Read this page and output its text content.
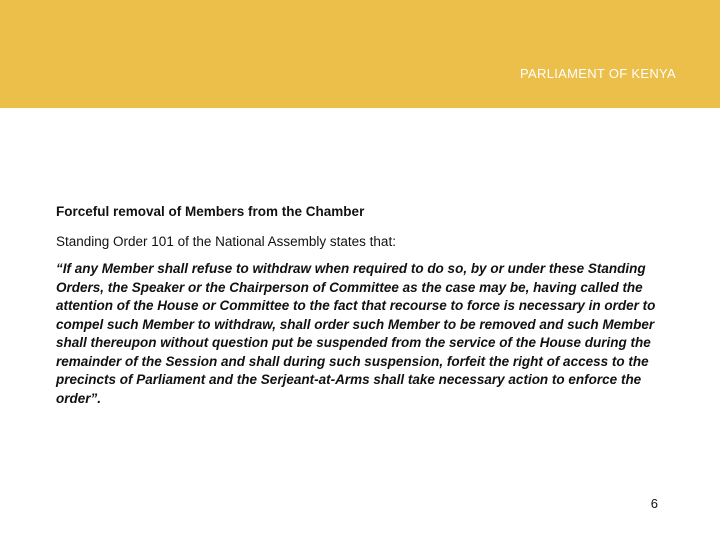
PARLIAMENT OF KENYA

Forceful removal of Members from the Chamber

Standing Order 101 of the National Assembly states that:

“If any Member shall refuse to withdraw when required to do so, by or under these Standing Orders, the Speaker or the Chairperson of Committee as the case may be, having called the attention of the House or Committee to the fact that recourse to force is necessary in order to compel such Member to withdraw, shall order such Member to be removed and such Member shall thereupon without question put be suspended from the service of the House during the remainder of the Session and shall during such suspension, forfeit the right of access to the precincts of Parliament and the Serjeant-at-Arms shall take necessary action to enforce the order”.

6
